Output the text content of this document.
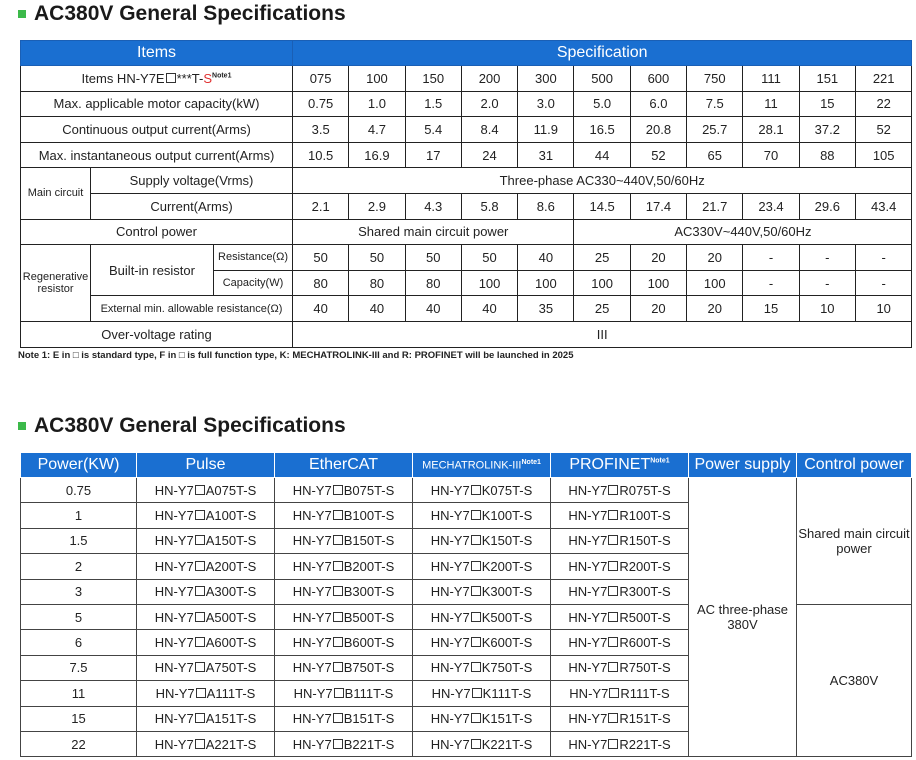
AC380V General Specifications
Items			Specification										
Items HN-Y7E $***T-S^{Note1}$			075	100	150	200	300	500	600	750	111	151	221
Max. applicable motor capacity(kW)			0.75	1.0	1.5	2.0	3.0	5.0	6.0	7.5	11	15	22
Continuous output current(Arms)			3.5	4.7	5.4	8.4	11.9	16.5	20.8	25.7	28.1	37.2	52
Max. instantaneous output current(Arms)			10.5	16.9	17	24	31	44	52	65	70	88	105
Main circuit	Supply voltage(Vrms)		Three-phase AC330~440V,50/60Hz										
	Current(Arms)		2.1	2.9	4.3	5.8	8.6	14.5	17.4	21.7	23.4	29.6	43.4
Control power			Shared main circuit power					AC330V~440V,50/60Hz					
Regenerative resistor	Built-in resistor	Resistance(Ω)	50	50	50	50	40	25	20	20	-	-	-
		Capacity(W)	80	80	80	100	100	100	100	100	-	-	-
	External min. allowable resistance(Ω)		40	40	40	40	35	25	20	20	15	10	10
Over-voltage rating			III										
Note 1: E in □ is standard type, F in □ is full function type, K: MECHATROLINK-III and R: PROFINET will be launched in 2025
AC380V General Specifications
Power(KW)	Pulse	EtherCAT	MECHATROLINK-$III^{Note1}$	$PROFINET^{Note1}$	Power supply	Control power
0.75	HN-Y7 A075T-S	HN-Y7 B075T-S	HN-Y7 K075T-S	HN-Y7 R075T-S	AC three-phase 380V	Shared main circuit power
1	HN-Y7 A100T-S	HN-Y7 B100T-S	HN-Y7 K100T-S	HN-Y7 R100T-S		
1.5	HN-Y7 A150T-S	HN-Y7 B150T-S	HN-Y7 K150T-S	HN-Y7 R150T-S		
2	HN-Y7 A200T-S	HN-Y7 B200T-S	HN-Y7 K200T-S	HN-Y7 R200T-S		
3	HN-Y7 A300T-S	HN-Y7 B300T-S	HN-Y7 K300T-S	HN-Y7 R300T-S		
5	HN-Y7 A500T-S	HN-Y7 B500T-S	HN-Y7 K500T-S	HN-Y7 R500T-S		AC380V
6	HN-Y7 A600T-S	HN-Y7 B600T-S	HN-Y7 K600T-S	HN-Y7 R600T-S		
7.5	HN-Y7 A750T-S	HN-Y7 B750T-S	HN-Y7 K750T-S	HN-Y7 R750T-S		
11	HN-Y7 A111T-S	HN-Y7 B111T-S	HN-Y7 K111T-S	HN-Y7 R111T-S		
15	HN-Y7 A151T-S	HN-Y7 B151T-S	HN-Y7 K151T-S	HN-Y7 R151T-S		
22	HN-Y7 A221T-S	HN-Y7 B221T-S	HN-Y7 K221T-S	HN-Y7 R221T-S		
